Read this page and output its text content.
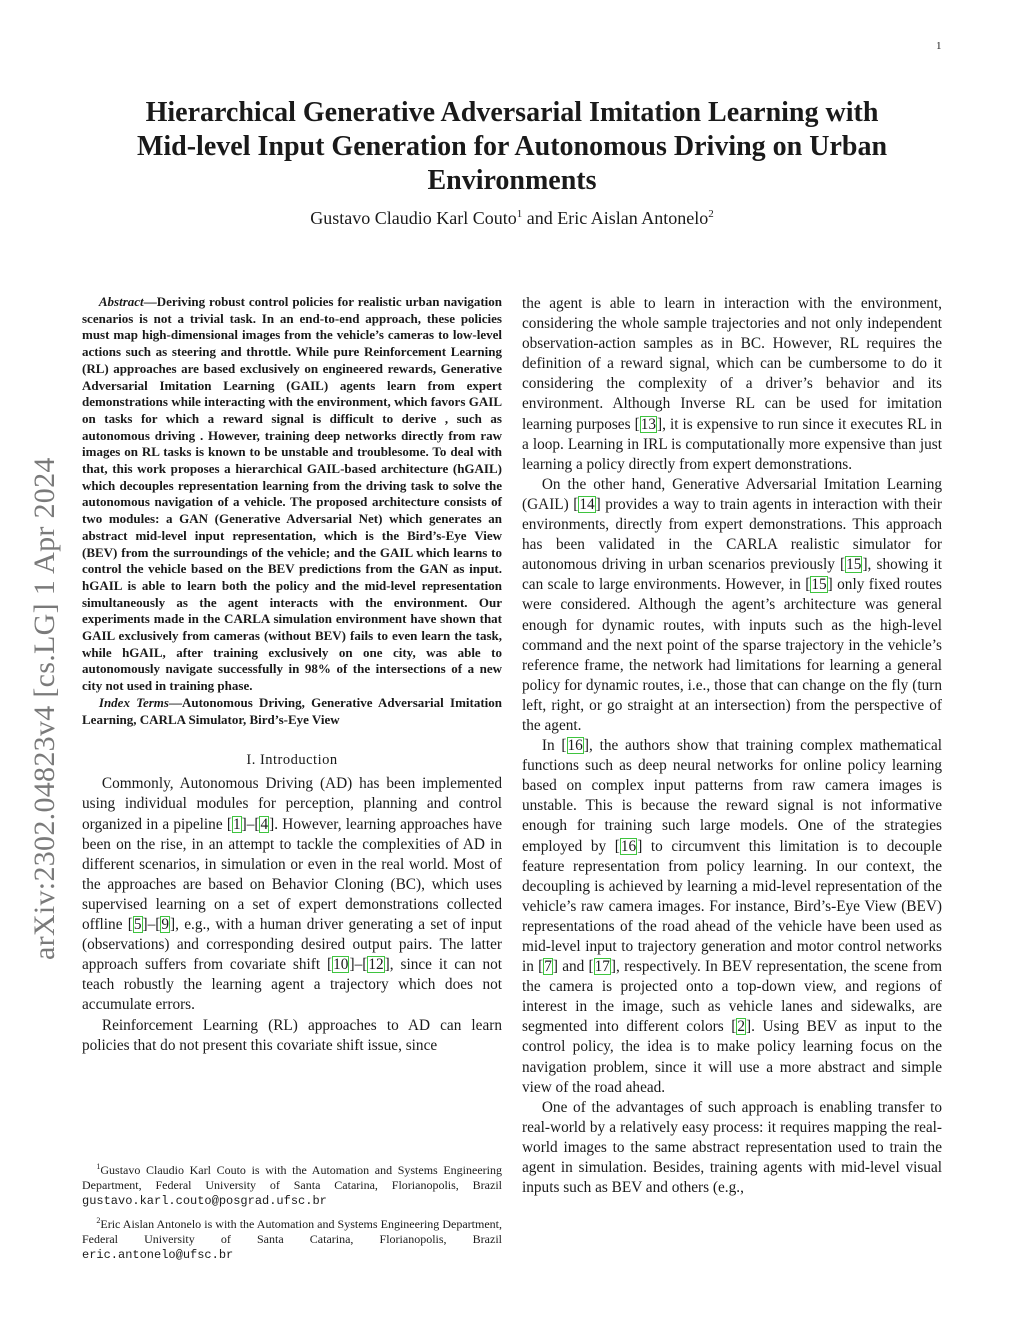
1
arXiv:2302.04823v4 [cs.LG] 1 Apr 2024
Hierarchical Generative Adversarial Imitation Learning with
Mid-level Input Generation for Autonomous Driving on Urban
Environments
Gustavo Claudio Karl Couto$^1$ and Eric Aislan Antonelo$^2$

Abstract—Deriving robust control policies for realistic urban navigation scenarios is not a trivial task. In an end-to-end approach, these policies must map high-dimensional images from the vehicle’s cameras to low-level actions such as steering and throttle. While pure Reinforcement Learning (RL) approaches are based exclusively on engineered rewards, Generative Adversarial Imitation Learning (GAIL) agents learn from expert demonstrations while interacting with the environment, which favors GAIL on tasks for which a reward signal is difficult to derive , such as autonomous driving . However, training deep networks directly from raw images on RL tasks is known to be unstable and troublesome. To deal with that, this work proposes a hierarchical GAIL-based architecture (hGAIL) which decouples representation learning from the driving task to solve the autonomous navigation of a vehicle. The proposed architecture consists of two modules: a GAN (Generative Adversarial Net) which generates an abstract mid-level input representation, which is the Bird’s-Eye View (BEV) from the surroundings of the vehicle; and the GAIL which learns to control the vehicle based on the BEV predictions from the GAN as input. hGAIL is able to learn both the policy and the mid-level representation simultaneously as the agent interacts with the environment. Our experiments made in the CARLA simulation environment have shown that GAIL exclusively from cameras (without BEV) fails to even learn the task, while hGAIL, after training exclusively on one city, was able to autonomously navigate successfully in 98% of the intersections of a new city not used in training phase.

Index Terms—Autonomous Driving, Generative Adversarial Imitation Learning, CARLA Simulator, Bird’s-Eye View

I. Introduction

Commonly, Autonomous Driving (AD) has been implemented using individual modules for perception, planning and control organized in a pipeline [1]–[4]. However, learning approaches have been on the rise, in an attempt to tackle the complexities of AD in different scenarios, in simulation or even in the real world. Most of the approaches are based on Behavior Cloning (BC), which uses supervised learning on a set of expert demonstrations collected offline [5]–[9], e.g., with a human driver generating a set of input (observations) and corresponding desired output pairs. The latter approach suffers from covariate shift [10]–[12], since it can not teach robustly the learning agent a trajectory which does not accumulate errors.

Reinforcement Learning (RL) approaches to AD can learn policies that do not present this covariate shift issue, since

$^1$Gustavo Claudio Karl Couto is with the Automation and Systems Engineering Department, Federal University of Santa Catarina, Florianopolis, Brazil gustavo.karl.couto@posgrad.ufsc.br

$^2$Eric Aislan Antonelo is with the Automation and Systems Engineering Department, Federal University of Santa Catarina, Florianopolis, Brazil eric.antonelo@ufsc.br

the agent is able to learn in interaction with the environment, considering the whole sample trajectories and not only independent observation-action samples as in BC. However, RL requires the definition of a reward signal, which can be cumbersome to do it considering the complexity of a driver’s behavior and its environment. Although Inverse RL can be used for imitation learning purposes [13], it is expensive to run since it executes RL in a loop. Learning in IRL is computationally more expensive than just learning a policy directly from expert demonstrations.

On the other hand, Generative Adversarial Imitation Learning (GAIL) [14] provides a way to train agents in interaction with their environments, directly from expert demonstrations. This approach has been validated in the CARLA realistic simulator for autonomous driving in urban scenarios previously [15], showing it can scale to large environments. However, in [15] only fixed routes were considered. Although the agent’s architecture was general enough for dynamic routes, with inputs such as the high-level command and the next point of the sparse trajectory in the vehicle’s reference frame, the network had limitations for learning a general policy for dynamic routes, i.e., those that can change on the fly (turn left, right, or go straight at an intersection) from the perspective of the agent.

In [16], the authors show that training complex mathematical functions such as deep neural networks for online policy learning based on complex input patterns from raw camera images is unstable. This is because the reward signal is not informative enough for training such large models. One of the strategies employed by [16] to circumvent this limitation is to decouple feature representation from policy learning. In our context, the decoupling is achieved by learning a mid-level representation of the vehicle’s raw camera images. For instance, Bird’s-Eye View (BEV) representations of the road ahead of the vehicle have been used as mid-level input to trajectory generation and motor control networks in [7] and [17], respectively. In BEV representation, the scene from the camera is projected onto a top-down view, and regions of interest in the image, such as vehicle lanes and sidewalks, are segmented into different colors [2]. Using BEV as input to the control policy, the idea is to make policy learning focus on the navigation problem, since it will use a more abstract and simple view of the road ahead.

One of the advantages of such approach is enabling transfer to real-world by a relatively easy process: it requires mapping the real-world images to the same abstract representation used to train the agent in simulation. Besides, training agents with mid-level visual inputs such as BEV and others (e.g.,
